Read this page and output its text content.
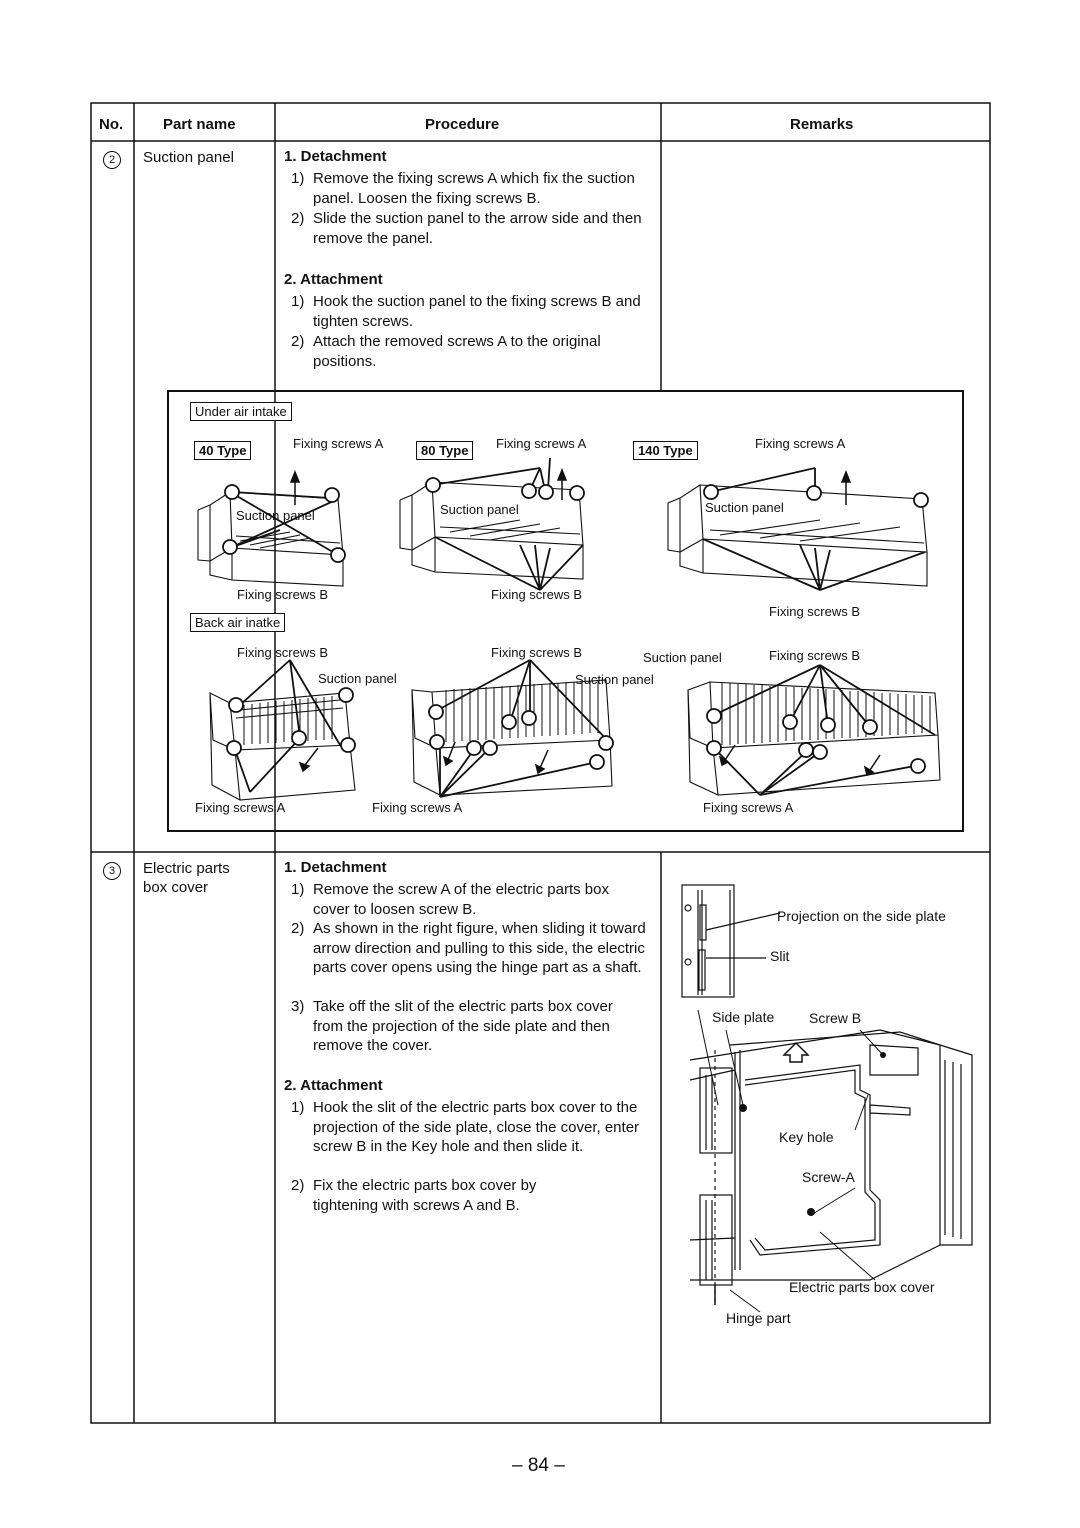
No.	Part name	Procedure	Remarks
2	Suction panel	1. Detachment
1) Remove the fixing screws A which fix the suction panel. Loosen the fixing screws B.
2) Slide the suction panel to the arrow side and then remove the panel.
2. Attachment
1) Hook the suction panel to the fixing screws B and tighten screws.
2) Attach the removed screws A to the original positions.
Under air intake
40 Type	80 Type	140 Type
Fixing screws A	Fixing screws A	Fixing screws A
Suction panel	Suction panel	Suction panel
Fixing screws B	Fixing screws B
Fixing screws B
Back air inatke
Fixing screws B	Fixing screws B	Fixing screws B
Suction panel	Suction panel
Suction panel
Fixing screws A	Fixing screws A	Fixing screws A
3	Electric parts
box cover
1. Detachment
1) Remove the screw A of the electric parts box cover to loosen screw B.
2) As shown in the right figure, when sliding it toward arrow direction and pulling to this side, the electric parts cover opens using the hinge part as a shaft.
3) Take off the slit of the electric parts box cover from the projection of the side plate and then remove the cover.
2. Attachment
1) Hook the slit of the electric parts box cover to the projection of the side plate, close the cover, enter screw B in the Key hole and then slide it.
2) Fix the electric parts box cover by tightening with screws A and B.
Projection on the side plate
Slit
Side plate Screw B
Key hole
Screw-A
Electric parts box cover
Hinge part
– 84 –
